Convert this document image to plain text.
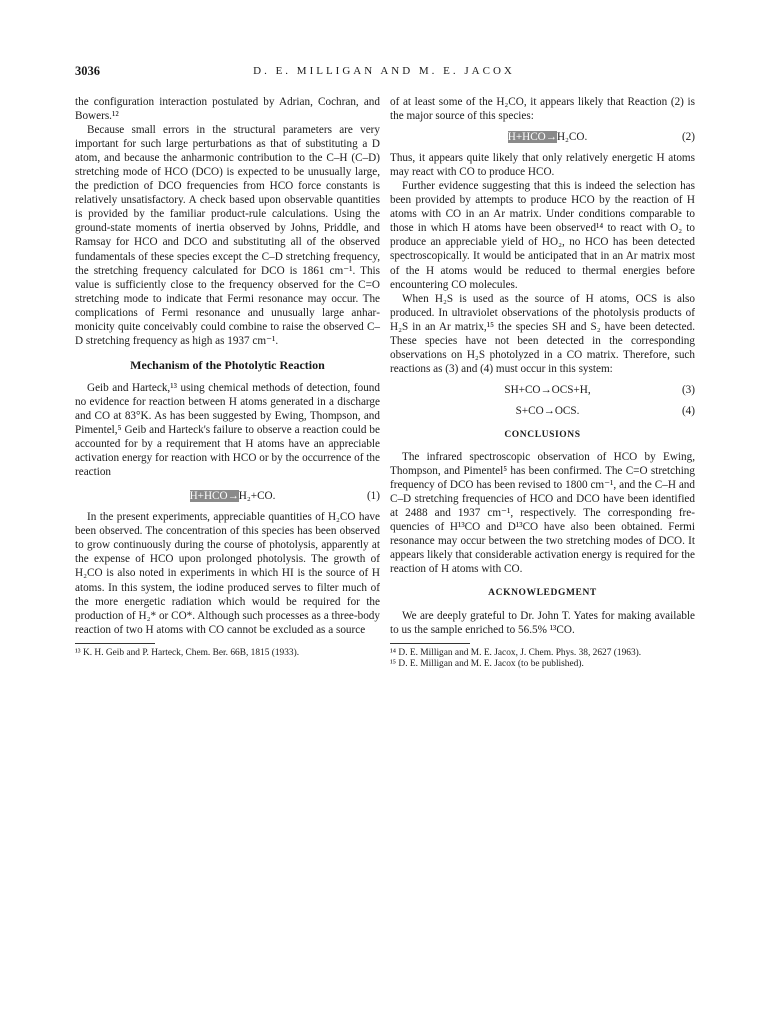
3036	D. E. MILLIGAN AND M. E. JACOX

the configuration interaction postulated by Adrian, Cochran, and Bowers.¹²

Because small errors in the structural parameters are very important for such large perturbations as that of substituting a D atom, and because the anharmonic contribution to the C–H (C–D) stretching mode of HCO (DCO) is expected to be unusually large, the prediction of DCO frequencies from HCO force constants is relatively unsatisfactory. A check based upon observable quantities is provided by the familiar product-rule calculations. Using the ground-state moments of inertia observed by Johns, Priddle, and Ramsay for HCO and DCO and substituting all of the observed fundamentals of these species except the C–D stretching frequency, the stretching frequency calculated for DCO is 1861 cm⁻¹. This value is sufficiently close to the frequency observed for the C=O stretching mode to indicate that Fermi resonance may occur. The complications of Fermi resonance and unusually large anharmonicity quite conceivably could combine to raise the observed C–D stretching frequency as high as 1937 cm⁻¹.

Mechanism of the Photolytic Reaction

Geib and Harteck,¹³ using chemical methods of detection, found no evidence for reaction between H atoms generated in a discharge and CO at 83°K. As has been suggested by Ewing, Thompson, and Pimentel,⁵ Geib and Harteck's failure to observe a reaction could be accounted for by a requirement that H atoms have an appreciable activation energy for reaction with HCO or by the occurrence of the reaction

H+HCO→H₂+CO.	(1)

In the present experiments, appreciable quantities of H₂CO have been observed. The concentration of this species has been observed to grow continuously during the course of photolysis, apparently at the expense of HCO upon prolonged photolysis. The growth of H₂CO is also noted in experiments in which HI is the source of H atoms. In this system, the iodine produced serves to filter much of the more energetic radiation which would be required for the production of H₂* or CO*. Although such processes as a three-body reaction of two H atoms with CO cannot be excluded as a source

¹³ K. H. Geib and P. Harteck, Chem. Ber. 66B, 1815 (1933).

of at least some of the H₂CO, it appears likely that Reaction (2) is the major source of this species:

H+HCO→H₂CO.	(2)

Thus, it appears quite likely that only relatively energetic H atoms may react with CO to produce HCO.

Further evidence suggesting that this is indeed the selection has been provided by attempts to produce HCO by the reaction of H atoms with CO in an Ar matrix. Under conditions comparable to those in which H atoms have been observed¹⁴ to react with O₂ to produce an appreciable yield of HO₂, no HCO has been detected spectroscopically. It would be anticipated that in an Ar matrix most of the H atoms would be reduced to thermal energies before encountering CO molecules.

When H₂S is used as the source of H atoms, OCS is also produced. In ultraviolet observations of the photolysis products of H₂S in an Ar matrix,¹⁵ the species SH and S₂ have been detected. These species have not been detected in the corresponding observations on H₂S photolyzed in a CO matrix. Therefore, such reactions as (3) and (4) must occur in this system:

SH+CO→OCS+H,	(3)
S+CO→OCS.	(4)
CONCLUSIONS

The infrared spectroscopic observation of HCO by Ewing, Thompson, and Pimentel⁵ has been confirmed. The C=O stretching frequency of DCO has been revised to 1800 cm⁻¹, and the C–H and C–D stretching frequencies of HCO and DCO have been identified at 2488 and 1937 cm⁻¹, respectively. The corresponding frequencies of H¹³CO and D¹³CO have also been obtained. Fermi resonance may occur between the two stretching modes of DCO. It appears likely that considerable activation energy is required for the reaction of H atoms with CO.

ACKNOWLEDGMENT

We are deeply grateful to Dr. John T. Yates for making available to us the sample enriched to 56.5% ¹³CO.

¹⁴ D. E. Milligan and M. E. Jacox, J. Chem. Phys. 38, 2627 (1963).

¹⁵ D. E. Milligan and M. E. Jacox (to be published).
